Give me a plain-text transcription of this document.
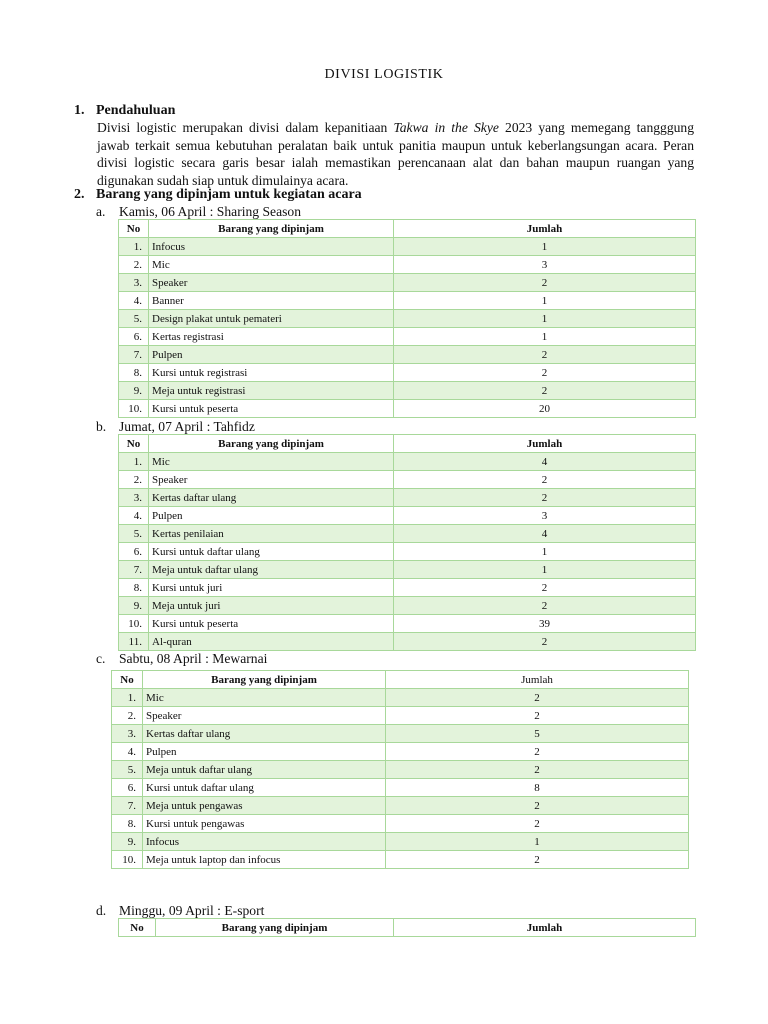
DIVISI LOGISTIK
1. Pendahuluan
Divisi logistic merupakan divisi dalam kepanitiaan Takwa in the Skye 2023 yang memegang tangggung jawab terkait semua kebutuhan peralatan baik untuk panitia maupun untuk keberlangsungan acara. Peran divisi logistic secara garis besar ialah memastikan perencanaan alat dan bahan maupun ruangan yang digunakan sudah siap untuk dimulainya acara.
2. Barang yang dipinjam untuk kegiatan acara
a. Kamis, 06 April : Sharing Season
No	Barang yang dipinjam	Jumlah
1.	Infocus	1
2.	Mic	3
3.	Speaker	2
4.	Banner	1
5.	Design plakat untuk pemateri	1
6.	Kertas registrasi	1
7.	Pulpen	2
8.	Kursi untuk registrasi	2
9.	Meja untuk registrasi	2
10.	Kursi untuk peserta	20
b. Jumat, 07 April : Tahfidz
No	Barang yang dipinjam	Jumlah
1.	Mic	4
2.	Speaker	2
3.	Kertas daftar ulang	2
4.	Pulpen	3
5.	Kertas penilaian	4
6.	Kursi untuk daftar ulang	1
7.	Meja untuk daftar ulang	1
8.	Kursi untuk juri	2
9.	Meja untuk juri	2
10.	Kursi untuk peserta	39
11.	Al-quran	2
c. Sabtu, 08 April : Mewarnai
No	Barang yang dipinjam	Jumlah
1.	Mic	2
2.	Speaker	2
3.	Kertas daftar ulang	5
4.	Pulpen	2
5.	Meja untuk daftar ulang	2
6.	Kursi untuk daftar ulang	8
7.	Meja untuk pengawas	2
8.	Kursi untuk pengawas	2
9.	Infocus	1
10.	Meja untuk laptop dan infocus	2
d. Minggu, 09 April : E-sport
No	Barang yang dipinjam	Jumlah
